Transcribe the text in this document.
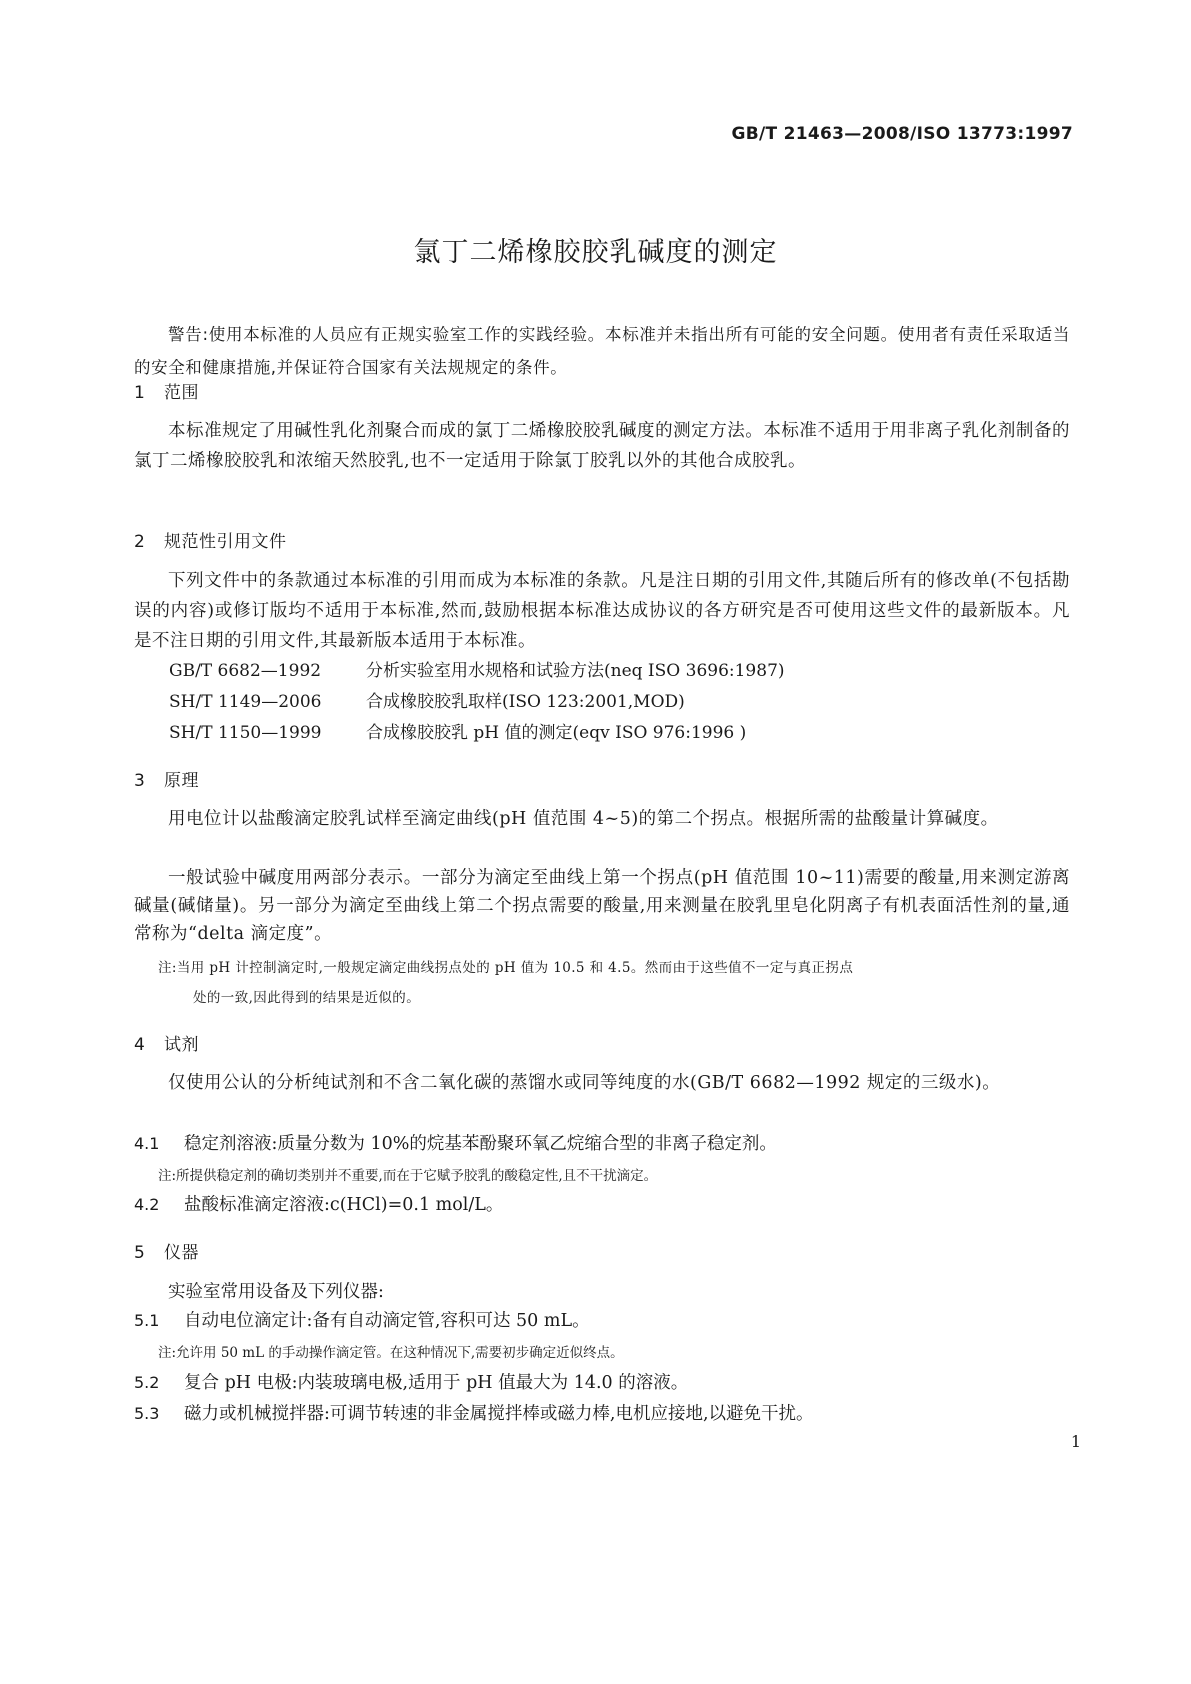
GB/T 21463—2008/ISO 13773:1997
氯丁二烯橡胶胶乳碱度的测定
警告:使用本标准的人员应有正规实验室工作的实践经验。本标准并未指出所有可能的安全问题。使用者有责任采取适当的安全和健康措施,并保证符合国家有关法规规定的条件。
1 范围
本标准规定了用碱性乳化剂聚合而成的氯丁二烯橡胶胶乳碱度的测定方法。本标准不适用于用非离子乳化剂制备的氯丁二烯橡胶胶乳和浓缩天然胶乳,也不一定适用于除氯丁胶乳以外的其他合成胶乳。
2 规范性引用文件
下列文件中的条款通过本标准的引用而成为本标准的条款。凡是注日期的引用文件,其随后所有的修改单(不包括勘误的内容)或修订版均不适用于本标准,然而,鼓励根据本标准达成协议的各方研究是否可使用这些文件的最新版本。凡是不注日期的引用文件,其最新版本适用于本标准。
GB/T 6682—1992	分析实验室用水规格和试验方法(neq ISO 3696:1987)
SH/T 1149—2006	合成橡胶胶乳取样(ISO 123:2001,MOD)
SH/T 1150—1999	合成橡胶胶乳 pH 值的测定(eqv ISO 976:1996 )
3 原理
用电位计以盐酸滴定胶乳试样至滴定曲线(pH 值范围 4~5)的第二个拐点。根据所需的盐酸量计算碱度。
一般试验中碱度用两部分表示。一部分为滴定至曲线上第一个拐点(pH 值范围 10~11)需要的酸量,用来测定游离碱量(碱储量)。另一部分为滴定至曲线上第二个拐点需要的酸量,用来测量在胶乳里皂化阴离子有机表面活性剂的量,通常称为“delta 滴定度”。
注:当用 pH 计控制滴定时,一般规定滴定曲线拐点处的 pH 值为 10.5 和 4.5。然而由于这些值不一定与真正拐点
处的一致,因此得到的结果是近似的。
4 试剂
仅使用公认的分析纯试剂和不含二氧化碳的蒸馏水或同等纯度的水(GB/T 6682—1992 规定的三级水)。
4.1 稳定剂溶液:质量分数为 10%的烷基苯酚聚环氧乙烷缩合型的非离子稳定剂。
注:所提供稳定剂的确切类别并不重要,而在于它赋予胶乳的酸稳定性,且不干扰滴定。
4.2 盐酸标准滴定溶液:c(HCl)=0.1 mol/L。
5 仪器
实验室常用设备及下列仪器:
5.1 自动电位滴定计:备有自动滴定管,容积可达 50 mL。
注:允许用 50 mL 的手动操作滴定管。在这种情况下,需要初步确定近似终点。
5.2 复合 pH 电极:内装玻璃电极,适用于 pH 值最大为 14.0 的溶液。
5.3 磁力或机械搅拌器:可调节转速的非金属搅拌棒或磁力棒,电机应接地,以避免干扰。
1
